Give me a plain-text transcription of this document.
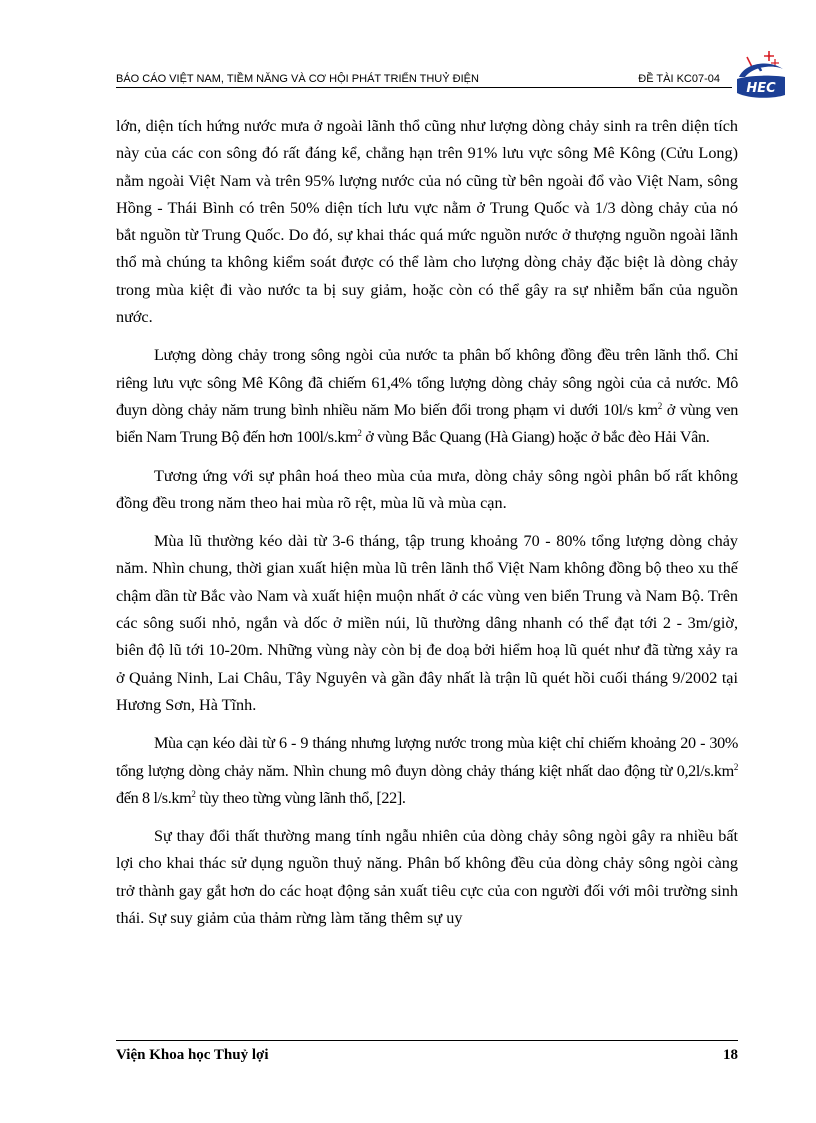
BÁO CÁO VIỆT NAM, TIỀM NĂNG VÀ CƠ HỘI PHÁT TRIỂN THUỶ ĐIỆN	ĐỀ TÀI KC07-04
HEC

lớn, diện tích hứng nước mưa ở ngoài lãnh thổ cũng như lượng dòng chảy sinh ra trên diện tích này của các con sông đó rất đáng kể, chẳng hạn trên 91% lưu vực sông Mê Kông (Cửu Long) nằm ngoài Việt Nam và trên 95% lượng nước của nó cũng từ bên ngoài đổ vào Việt Nam, sông Hồng - Thái Bình có trên 50% diện tích lưu vực nằm ở Trung Quốc và 1/3 dòng chảy của nó bắt nguồn từ Trung Quốc. Do đó, sự khai thác quá mức nguồn nước ở thượng nguồn ngoài lãnh thổ mà chúng ta không kiểm soát được có thể làm cho lượng dòng chảy đặc biệt là dòng chảy trong mùa kiệt đi vào nước ta bị suy giảm, hoặc còn có thể gây ra sự nhiễm bẩn của nguồn nước.

Lượng dòng chảy trong sông ngòi của nước ta phân bố không đồng đều trên lãnh thổ. Chỉ riêng lưu vực sông Mê Kông đã chiếm 61,4% tổng lượng dòng chảy sông ngòi của cả nước. Mô đuyn dòng chảy năm trung bình nhiều năm Mo biến đổi trong phạm vi dưới 10l/s $km^2$ ở vùng ven biển Nam Trung Bộ đến hơn $100l/s.km^2$ ở vùng Bắc Quang (Hà Giang) hoặc ở bắc đèo Hải Vân.

Tương ứng với sự phân hoá theo mùa của mưa, dòng chảy sông ngòi phân bố rất không đồng đều trong năm theo hai mùa rõ rệt, mùa lũ và mùa cạn.

Mùa lũ thường kéo dài từ 3-6 tháng, tập trung khoảng 70 - 80% tổng lượng dòng chảy năm. Nhìn chung, thời gian xuất hiện mùa lũ trên lãnh thổ Việt Nam không đồng bộ theo xu thế chậm dần từ Bắc vào Nam và xuất hiện muộn nhất ở các vùng ven biển Trung và Nam Bộ. Trên các sông suối nhỏ, ngắn và dốc ở miền núi, lũ thường dâng nhanh có thể đạt tới 2 - 3m/giờ, biên độ lũ tới 10-20m. Những vùng này còn bị đe doạ bởi hiểm hoạ lũ quét như đã từng xảy ra ở Quảng Ninh, Lai Châu, Tây Nguyên và gần đây nhất là trận lũ quét hồi cuối tháng 9/2002 tại Hương Sơn, Hà Tĩnh.

Mùa cạn kéo dài từ 6 - 9 tháng nhưng lượng nước trong mùa kiệt chỉ chiếm khoảng 20 - 30% tổng lượng dòng chảy năm. Nhìn chung mô đuyn dòng chảy tháng kiệt nhất dao động từ $0,2l/s.km^2$ đến 8 $l/s.km^2$ tùy theo từng vùng lãnh thổ, [22].

Sự thay đổi thất thường mang tính ngẫu nhiên của dòng chảy sông ngòi gây ra nhiều bất lợi cho khai thác sử dụng nguồn thuỷ năng. Phân bố không đều của dòng chảy sông ngòi càng trở thành gay gắt hơn do các hoạt động sản xuất tiêu cực của con người đối với môi trường sinh thái. Sự suy giảm của thảm rừng làm tăng thêm sự uy

Viện Khoa học Thuỷ lợi	18
